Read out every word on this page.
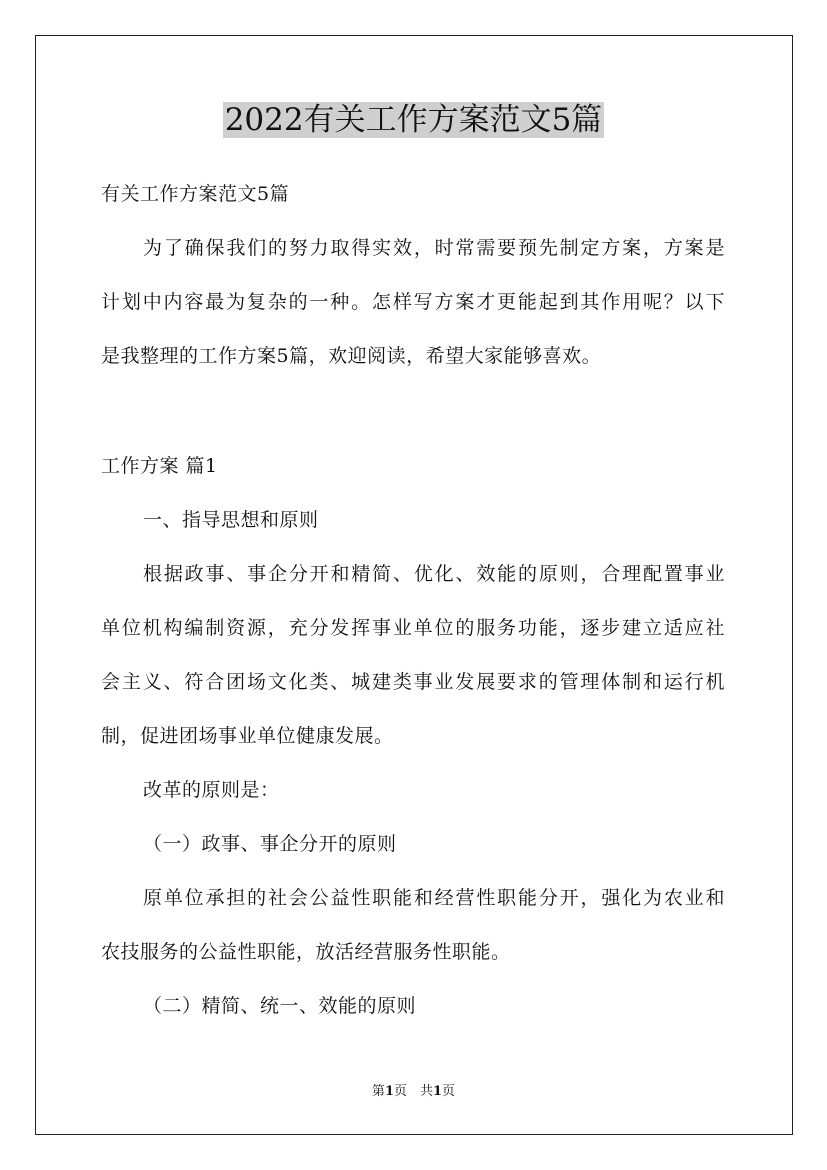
2022有关工作方案范文5篇
有关工作方案范文5篇
为了确保我们的努力取得实效，时常需要预先制定方案，方案是
计划中内容最为复杂的一种。怎样写方案才更能起到其作用呢？以下
是我整理的工作方案5篇，欢迎阅读，希望大家能够喜欢。
工作方案 篇1
一、指导思想和原则
根据政事、事企分开和精简、优化、效能的原则，合理配置事业
单位机构编制资源，充分发挥事业单位的服务功能，逐步建立适应社
会主义、符合团场文化类、城建类事业发展要求的管理体制和运行机
制，促进团场事业单位健康发展。
改革的原则是：
（一）政事、事企分开的原则
原单位承担的社会公益性职能和经营性职能分开，强化为农业和
农技服务的公益性职能，放活经营服务性职能。
（二）精简、统一、效能的原则
第1页　共1页
